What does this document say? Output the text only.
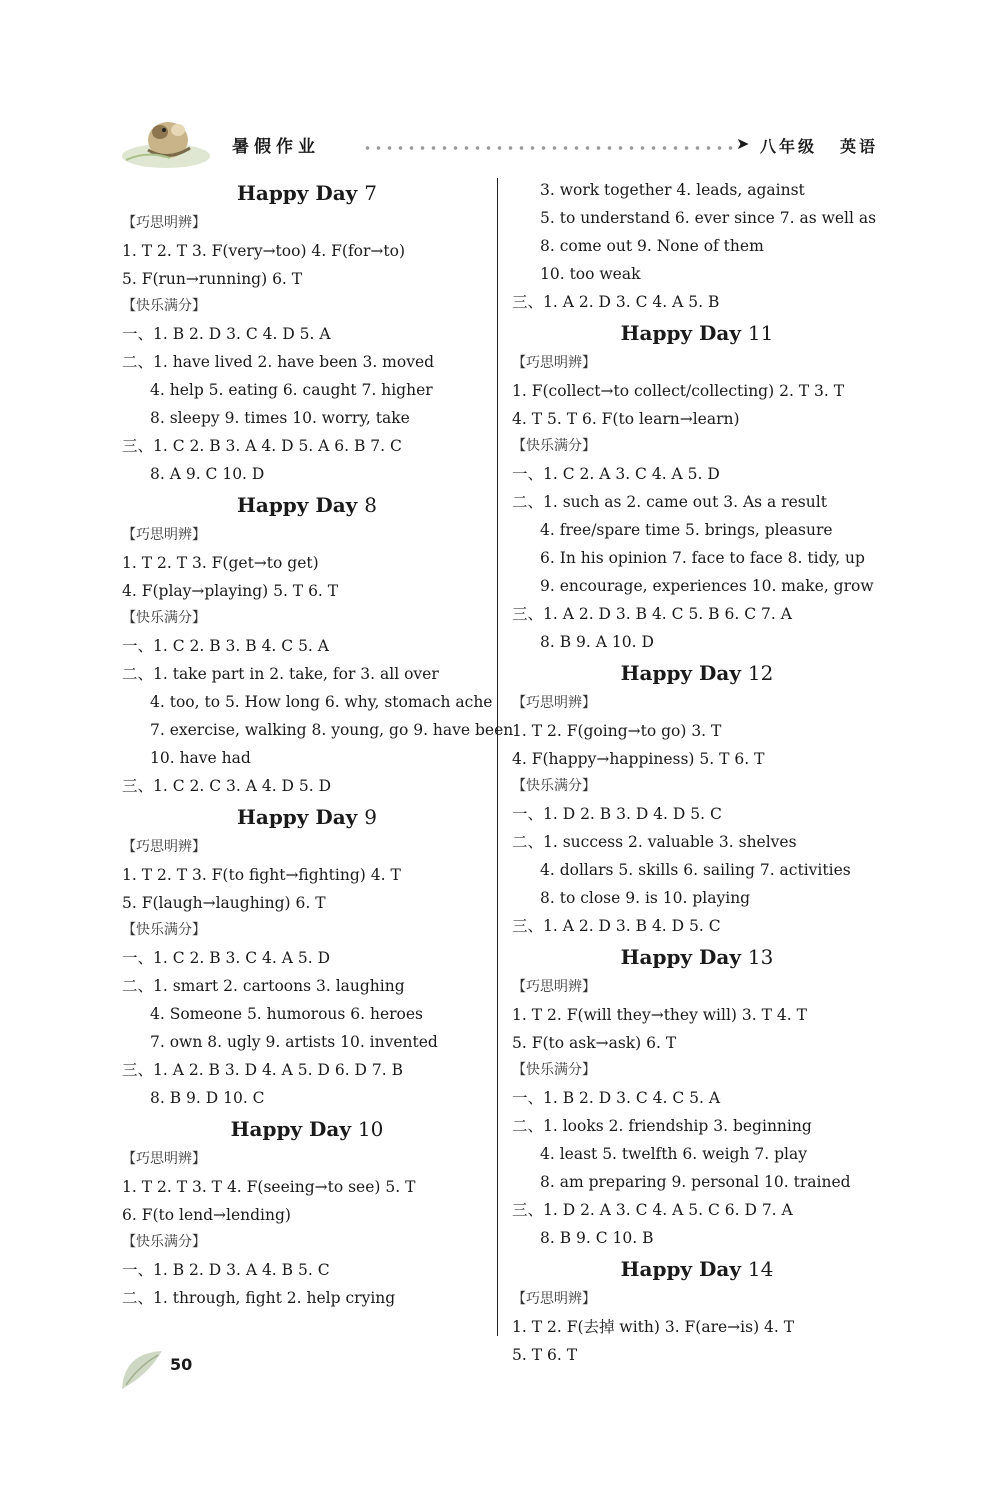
暑假作业	➤ 八年级 英语
Happy Day 7
【巧思明辨】
1. T 2. T 3. F(very→too) 4. F(for→to)
5. F(run→running) 6. T
【快乐满分】
一、1. B 2. D 3. C 4. D 5. A
二、1. have lived 2. have been 3. moved
4. help 5. eating 6. caught 7. higher
8. sleepy 9. times 10. worry, take
三、1. C 2. B 3. A 4. D 5. A 6. B 7. C
8. A 9. C 10. D
Happy Day 8
【巧思明辨】
1. T 2. T 3. F(get→to get)
4. F(play→playing) 5. T 6. T
【快乐满分】
一、1. C 2. B 3. B 4. C 5. A
二、1. take part in 2. take, for 3. all over
4. too, to 5. How long 6. why, stomach ache
7. exercise, walking 8. young, go 9. have been
10. have had
三、1. C 2. C 3. A 4. D 5. D
Happy Day 9
【巧思明辨】
1. T 2. T 3. F(to fight→fighting) 4. T
5. F(laugh→laughing) 6. T
【快乐满分】
一、1. C 2. B 3. C 4. A 5. D
二、1. smart 2. cartoons 3. laughing
4. Someone 5. humorous 6. heroes
7. own 8. ugly 9. artists 10. invented
三、1. A 2. B 3. D 4. A 5. D 6. D 7. B
8. B 9. D 10. C
Happy Day 10
【巧思明辨】
1. T 2. T 3. T 4. F(seeing→to see) 5. T
6. F(to lend→lending)
【快乐满分】
一、1. B 2. D 3. A 4. B 5. C
二、1. through, fight 2. help crying
3. work together 4. leads, against
5. to understand 6. ever since 7. as well as
8. come out 9. None of them
10. too weak
三、1. A 2. D 3. C 4. A 5. B
Happy Day 11
【巧思明辨】
1. F(collect→to collect/collecting) 2. T 3. T
4. T 5. T 6. F(to learn→learn)
【快乐满分】
一、1. C 2. A 3. C 4. A 5. D
二、1. such as 2. came out 3. As a result
4. free/spare time 5. brings, pleasure
6. In his opinion 7. face to face 8. tidy, up
9. encourage, experiences 10. make, grow
三、1. A 2. D 3. B 4. C 5. B 6. C 7. A
8. B 9. A 10. D
Happy Day 12
【巧思明辨】
1. T 2. F(going→to go) 3. T
4. F(happy→happiness) 5. T 6. T
【快乐满分】
一、1. D 2. B 3. D 4. D 5. C
二、1. success 2. valuable 3. shelves
4. dollars 5. skills 6. sailing 7. activities
8. to close 9. is 10. playing
三、1. A 2. D 3. B 4. D 5. C
Happy Day 13
【巧思明辨】
1. T 2. F(will they→they will) 3. T 4. T
5. F(to ask→ask) 6. T
【快乐满分】
一、1. B 2. D 3. C 4. C 5. A
二、1. looks 2. friendship 3. beginning
4. least 5. twelfth 6. weigh 7. play
8. am preparing 9. personal 10. trained
三、1. D 2. A 3. C 4. A 5. C 6. D 7. A
8. B 9. C 10. B
Happy Day 14
【巧思明辨】
1. T 2. F(去掉 with) 3. F(are→is) 4. T
5. T 6. T
50
